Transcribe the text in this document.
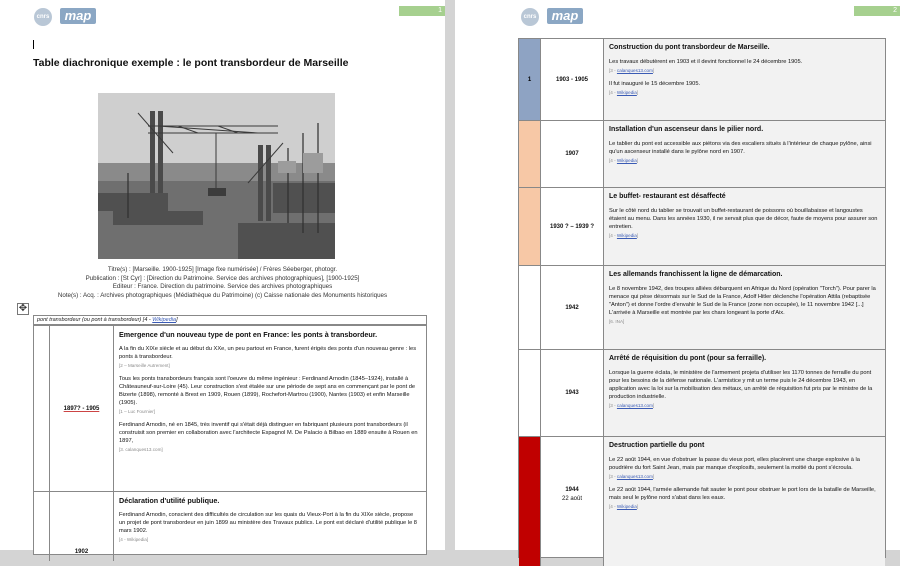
1
cnrs	map
Table diachronique exemple : le pont transbordeur de Marseille
Titre(s) : [Marseille. 1900-1925] [Image fixe numérisée] / Frères Séeberger, photogr.
Publication : [St Cyr] : [Direction du Patrimoine. Service des archives photographiques], [1900-1925]
Editeur : France. Direction du patrimoine. Service des archives photographiques
Note(s) : Acq. : Archives photographiques (Médiathèque du Patrimoine) (c) Caisse nationale des Monuments historiques
✥
pont transbordeur (ou pont à transbordeur) [4 - Wikipedia]
1897? - 1905
Emergence d'un nouveau type de pont en France: les ponts à transbordeur.
A la fin du XIXe siècle et au début du XXe, un peu partout en France, furent érigés des ponts d'un nouveau genre : les ponts à transbordeur.
[2 – Marseille Autrement]
Tous les ponts transbordeurs français sont l'oeuvre du même ingénieur : Ferdinand Arnodin (1845–1924), installé à Châteauneuf-sur-Loire (45). Leur construction s'est étalée sur une période de sept ans en commençant par le pont de Bizerte (1898), remonté à Brest en 1909, Rouen (1899), Rochefort-Martrou (1900), Nantes (1903) et enfin Marseille (1905).
[1 – Luc Fournier]
Ferdinand Arnodin, né en 1845, très inventif qui s'était déjà distinguer en fabriquant plusieurs pont transbordeurs (il construisit son premier en collaboration avec l'architecte Espagnol M. De Palacio à Bilbao en 1889 ensuite à Rouen en 1897,
[3. calanques13.com]
1902
Déclaration d'utilité publique.
Ferdinand Arnodin, conscient des difficultés de circulation sur les quais du Vieux-Port à la fin du XIXe siècle, propose un projet de pont transbordeur en juin 1899 au ministère des Travaux publics. Le pont est déclaré d'utilité publique le 8 mars 1902.
[4 - Wikipedia]
2
cnrs	map
1	1903 - 1905
Construction du pont transbordeur de Marseille.
Les travaux débutèrent en 1903 et il devint fonctionnel le 24 décembre 1905.
[3 - calanques13.com]
Il fut inauguré le 15 décembre 1905.
[4 - Wikipedia]
1907
Installation d'un ascenseur dans le pilier nord.
Le tablier du pont est accessible aux piétons via des escaliers situés à l'intérieur de chaque pylône, ainsi qu'un ascenseur installé dans le pylône nord en 1907.
[4 - Wikipedia]
1930 ? – 1939 ?
Le buffet- restaurant est désaffecté
Sur le côté nord du tablier se trouvait un buffet-restaurant de poissons où bouillabaisse et langoustes étaient au menu. Dans les années 1930, il ne servait plus que de décor, faute de moyens pour assurer son entretien.
[4 - Wikipedia]
1942
Les allemands franchissent la ligne de démarcation.
Le 8 novembre 1942, des troupes alliées débarquent en Afrique du Nord (opération "Torch"). Pour parer la menace qui pèse désormais sur le Sud de la France, Adolf Hitler déclenche l'opération Attila (rebaptisée "Anton") et donne l'ordre d'envahir le Sud de la France (zone non occupée), le 11 novembre 1942 [...] L'arrivée à Marseille est montrée par les chars longeant la porte d'Aix.
[6. INA]
1943
Arrêté de réquisition du pont (pour sa ferraille).
Lorsque la guerre éclata, le ministère de l'armement projeta d'utiliser les 1170 tonnes de ferraille du pont pour les besoins de la défense nationale. L'armistice y mit un terme puis le 24 décembre 1943, en application avec la loi sur la mobilisation des métaux, un arrêté de réquisition fut pris par le ministre de la production industrielle.
[3 - calanques13.com]
1944
22 août
Destruction partielle du pont
Le 22 août 1944, en vue d'obstruer la passe du vieux port, elles placèrent une charge explosive à la poudrière du fort Saint Jean, mais par manque d'explosifs, seulement la moitié du pont s'écroula.
[3 - calanques13.com]
Le 22 août 1944, l'armée allemande fait sauter le pont pour obstruer le port lors de la bataille de Marseille, mais seul le pylône nord s'abat dans les eaux.
[4 - Wikipedia]
